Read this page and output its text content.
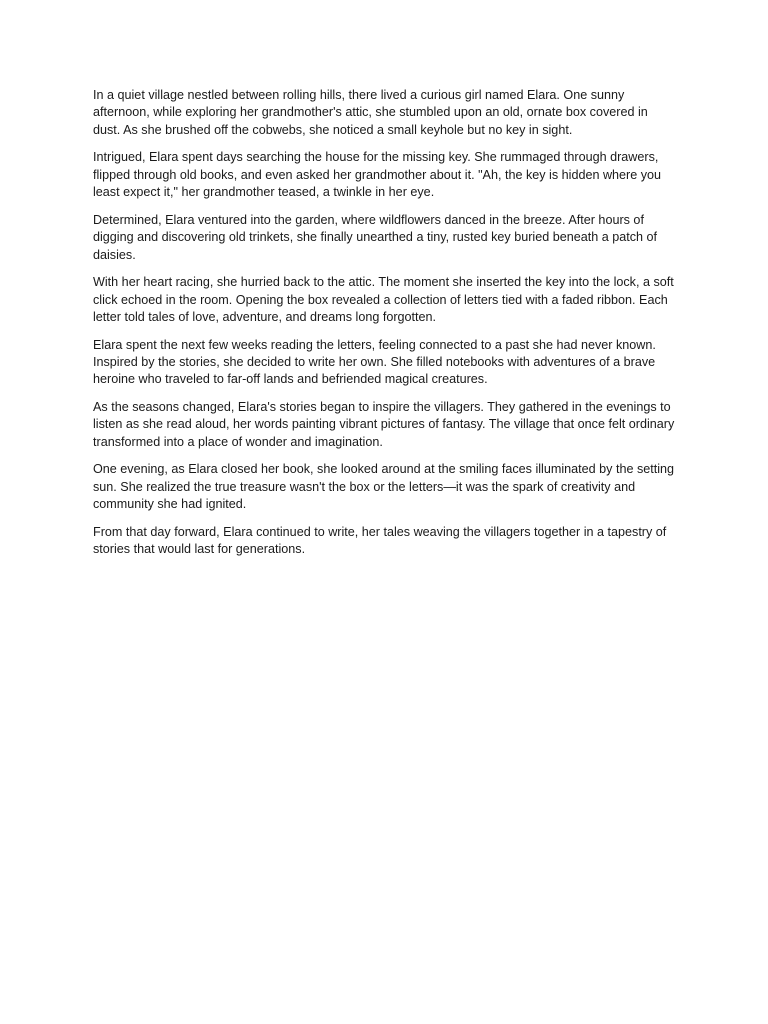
In a quiet village nestled between rolling hills, there lived a curious girl named Elara. One sunny afternoon, while exploring her grandmother's attic, she stumbled upon an old, ornate box covered in dust. As she brushed off the cobwebs, she noticed a small keyhole but no key in sight.

Intrigued, Elara spent days searching the house for the missing key. She rummaged through drawers, flipped through old books, and even asked her grandmother about it. "Ah, the key is hidden where you least expect it," her grandmother teased, a twinkle in her eye.

Determined, Elara ventured into the garden, where wildflowers danced in the breeze. After hours of digging and discovering old trinkets, she finally unearthed a tiny, rusted key buried beneath a patch of daisies.

With her heart racing, she hurried back to the attic. The moment she inserted the key into the lock, a soft click echoed in the room. Opening the box revealed a collection of letters tied with a faded ribbon. Each letter told tales of love, adventure, and dreams long forgotten.

Elara spent the next few weeks reading the letters, feeling connected to a past she had never known. Inspired by the stories, she decided to write her own. She filled notebooks with adventures of a brave heroine who traveled to far-off lands and befriended magical creatures.

As the seasons changed, Elara's stories began to inspire the villagers. They gathered in the evenings to listen as she read aloud, her words painting vibrant pictures of fantasy. The village that once felt ordinary transformed into a place of wonder and imagination.

One evening, as Elara closed her book, she looked around at the smiling faces illuminated by the setting sun. She realized the true treasure wasn't the box or the letters—it was the spark of creativity and community she had ignited.

From that day forward, Elara continued to write, her tales weaving the villagers together in a tapestry of stories that would last for generations.
